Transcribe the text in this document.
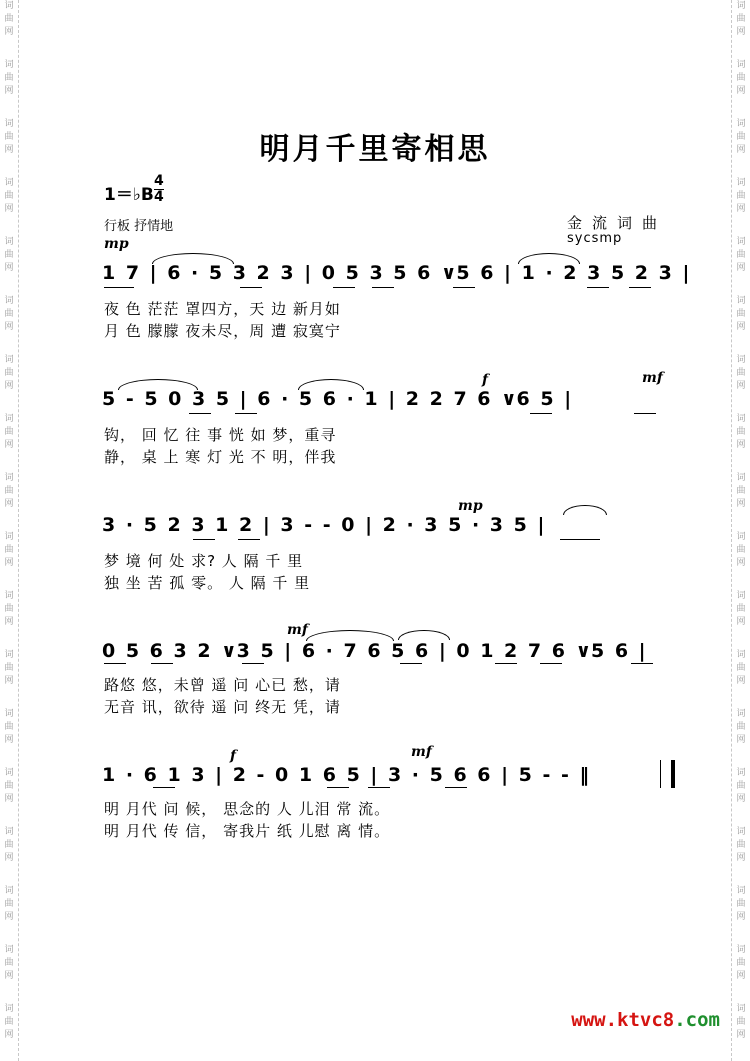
词
曲
网
词
曲
网
词
曲
网
词
曲
网
词
曲
网
词
曲
网
词
曲
网
词
曲
网
词
曲
网
词
曲
网
词
曲
网
词
曲
网
词
曲
网
词
曲
网
词
曲
网
词
曲
网
词
曲
网
词
曲
网
词
曲
网
词
曲
网
词
曲
网
词
曲
网
词
曲
网
词
曲
网
词
曲
网
词
曲
网
词
曲
网
词
曲
网
词
曲
网
词
曲
网
词
曲
网
词
曲
网
词
曲
网
词
曲
网
词
曲
网
词
曲
网
明月千里寄相思
1＝♭B
4
4
行板 抒情地	金流词曲
sycsmp
mp
1 7 | 6 · 5 3 2 3 | 0 5 3 5 6 ∨5 6 | 1 · 2 3 5 2 3 |
夜 色 茫茫 罩四方，天 边 新月如
月 色 朦朦 夜未尽，周 遭 寂寞宁
f	mf
5 - 5 0 3 5 | 6 · 5 6 · 1 | 2 2 7 6 ∨6 5 |
钩， 回 忆 往 事 恍 如 梦，重寻
静， 桌 上 寒 灯 光 不 明，伴我
mp
3 · 5 2 3 1 2 | 3 - - 0 | 2 · 3 5 · 3 5 |
梦 境 何 处 求? 人 隔 千 里
独 坐 苦 孤 零。 人 隔 千 里
mf
0 5 6 3 2 ∨3 5 | 6 · 7 6 5 6 | 0 1 2 7 6 ∨5 6 |
路悠 悠，未曾 遥 问 心已 愁，请
无音 讯，欲待 遥 问 终无 凭，请
f	mf
1 · 6 1 3 | 2 - 0 1 6 5 | 3 · 5 6 6 | 5 - - ‖
明 月代 问 候， 思念的 人 儿泪 常 流。
明 月代 传 信， 寄我片 纸 儿慰 离 情。
www.ktvc8.com
